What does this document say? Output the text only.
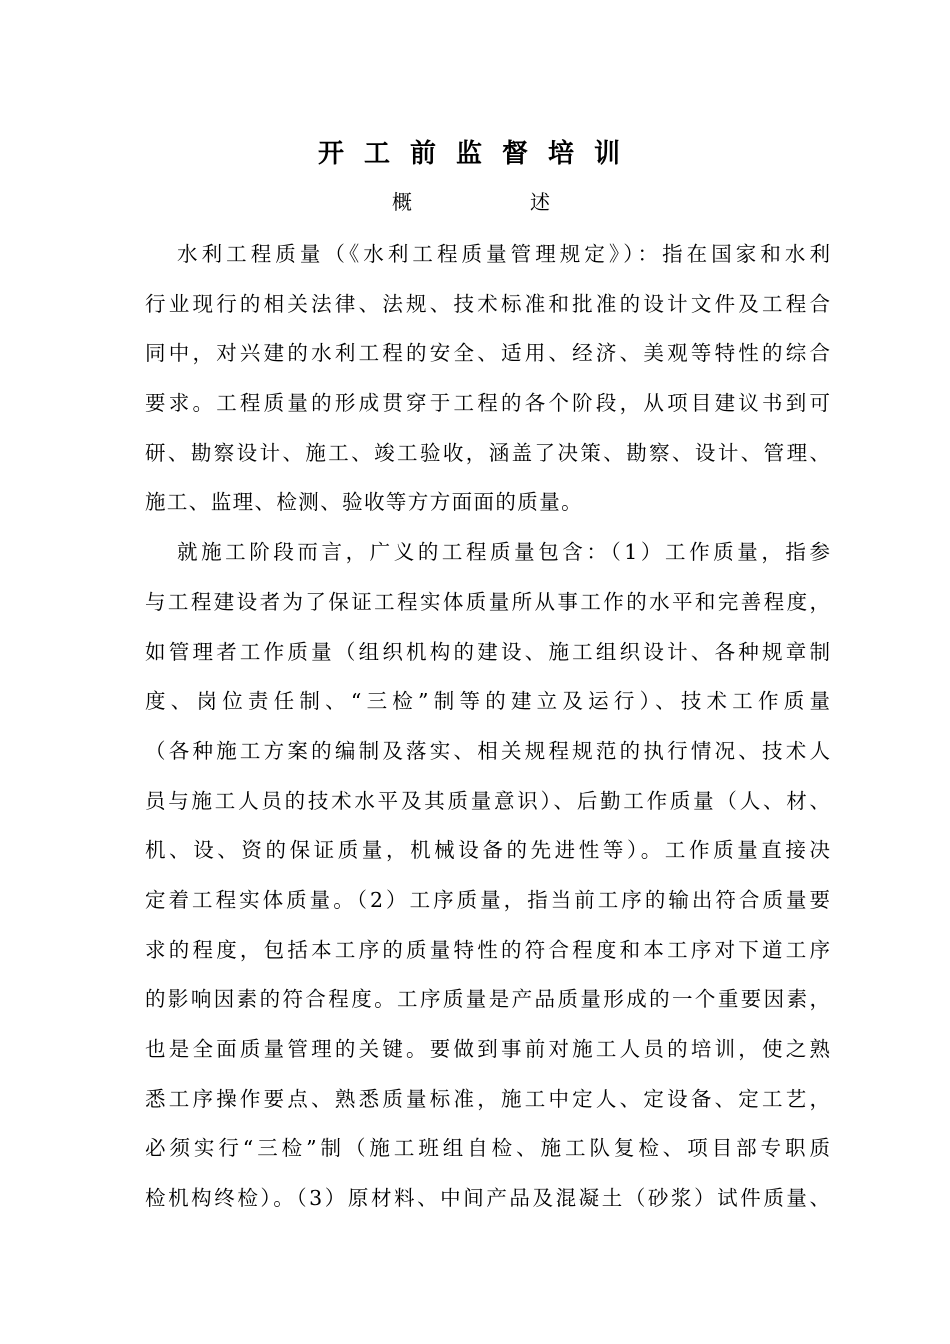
开工前监督培训
概述
水利工程质量（《水利工程质量管理规定》）：指在国家和水利
行业现行的相关法律、法规、技术标准和批准的设计文件及工程合
同中，对兴建的水利工程的安全、适用、经济、美观等特性的综合
要求。工程质量的形成贯穿于工程的各个阶段，从项目建议书到可
研、勘察设计、施工、竣工验收，涵盖了决策、勘察、设计、管理、
施工、监理、检测、验收等方方面面的质量。
就施工阶段而言，广义的工程质量包含：（1）工作质量，指参
与工程建设者为了保证工程实体质量所从事工作的水平和完善程度，
如管理者工作质量（组织机构的建设、施工组织设计、各种规章制
度、岗位责任制、“三检”制等的建立及运行）、技术工作质量
（各种施工方案的编制及落实、相关规程规范的执行情况、技术人
员与施工人员的技术水平及其质量意识）、后勤工作质量（人、材、
机、设、资的保证质量，机械设备的先进性等）。工作质量直接决
定着工程实体质量。（2）工序质量，指当前工序的输出符合质量要
求的程度，包括本工序的质量特性的符合程度和本工序对下道工序
的影响因素的符合程度。工序质量是产品质量形成的一个重要因素，
也是全面质量管理的关键。要做到事前对施工人员的培训，使之熟
悉工序操作要点、熟悉质量标准，施工中定人、定设备、定工艺，
必须实行“三检”制（施工班组自检、施工队复检、项目部专职质
检机构终检）。（3）原材料、中间产品及混凝土（砂浆）试件质量、
